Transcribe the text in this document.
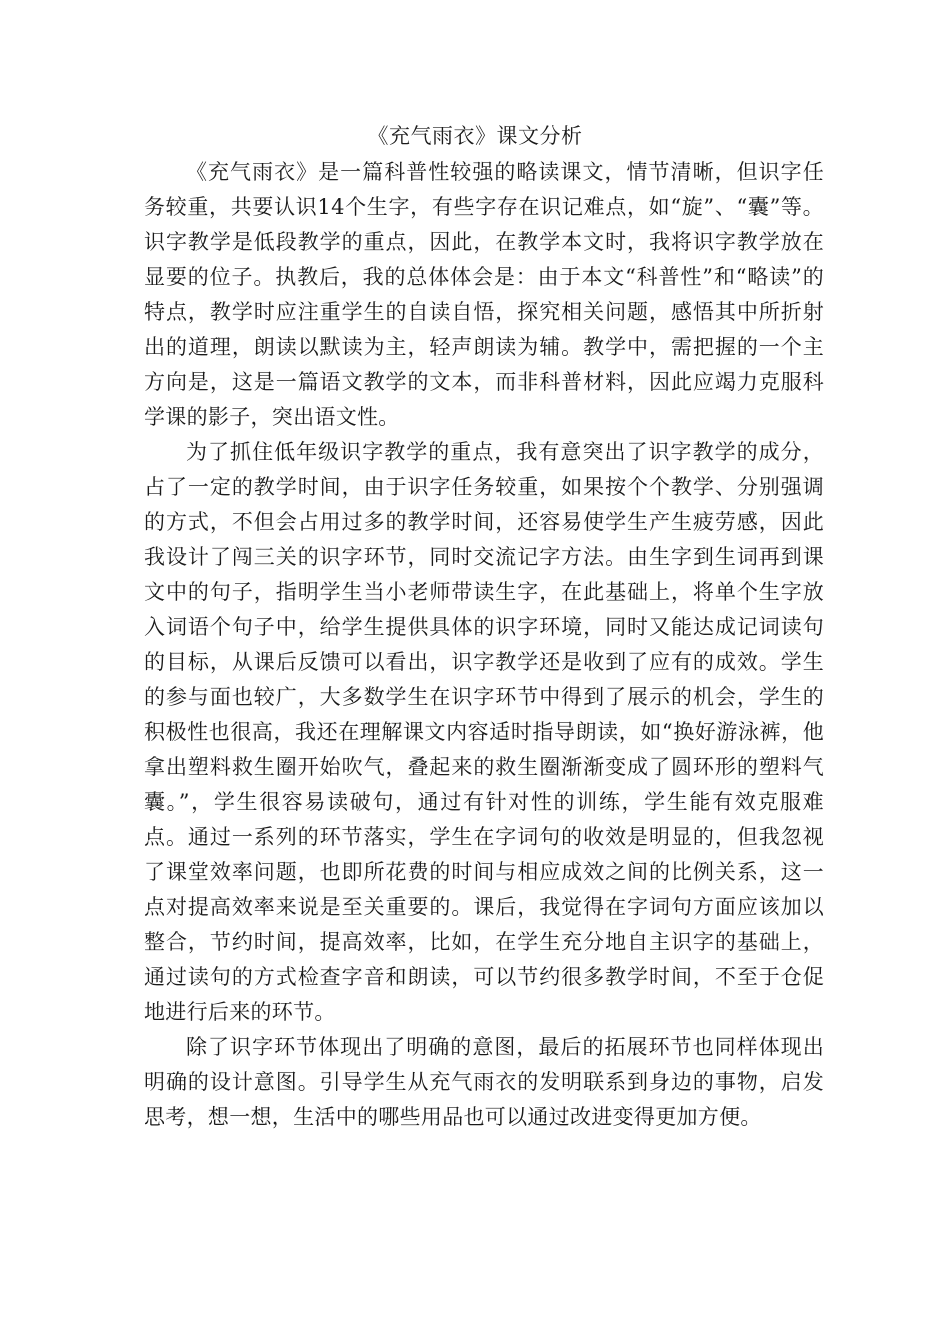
《充气雨衣》课文分析

《充气雨衣》是一篇科普性较强的略读课文，情节清晰，但识字任务较重，共要认识14个生字，有些字存在识记难点，如“旋”、“囊”等。识字教学是低段教学的重点，因此，在教学本文时，我将识字教学放在显要的位子。执教后，我的总体体会是：由于本文“科普性”和“略读”的特点，教学时应注重学生的自读自悟，探究相关问题，感悟其中所折射出的道理，朗读以默读为主，轻声朗读为辅。教学中，需把握的一个主方向是，这是一篇语文教学的文本，而非科普材料，因此应竭力克服科学课的影子，突出语文性。

为了抓住低年级识字教学的重点，我有意突出了识字教学的成分，占了一定的教学时间，由于识字任务较重，如果按个个教学、分别强调的方式，不但会占用过多的教学时间，还容易使学生产生疲劳感，因此我设计了闯三关的识字环节，同时交流记字方法。由生字到生词再到课文中的句子，指明学生当小老师带读生字，在此基础上，将单个生字放入词语个句子中，给学生提供具体的识字环境，同时又能达成记词读句的目标，从课后反馈可以看出，识字教学还是收到了应有的成效。学生的参与面也较广，大多数学生在识字环节中得到了展示的机会，学生的积极性也很高，我还在理解课文内容适时指导朗读，如“换好游泳裤，他拿出塑料救生圈开始吹气，叠起来的救生圈渐渐变成了圆环形的塑料气囊。”，学生很容易读破句，通过有针对性的训练，学生能有效克服难点。通过一系列的环节落实，学生在字词句的收效是明显的，但我忽视了课堂效率问题，也即所花费的时间与相应成效之间的比例关系，这一点对提高效率来说是至关重要的。课后，我觉得在字词句方面应该加以整合，节约时间，提高效率，比如，在学生充分地自主识字的基础上，通过读句的方式检查字音和朗读，可以节约很多教学时间，不至于仓促地进行后来的环节。

除了识字环节体现出了明确的意图，最后的拓展环节也同样体现出明确的设计意图。引导学生从充气雨衣的发明联系到身边的事物，启发思考，想一想，生活中的哪些用品也可以通过改进变得更加方便。
